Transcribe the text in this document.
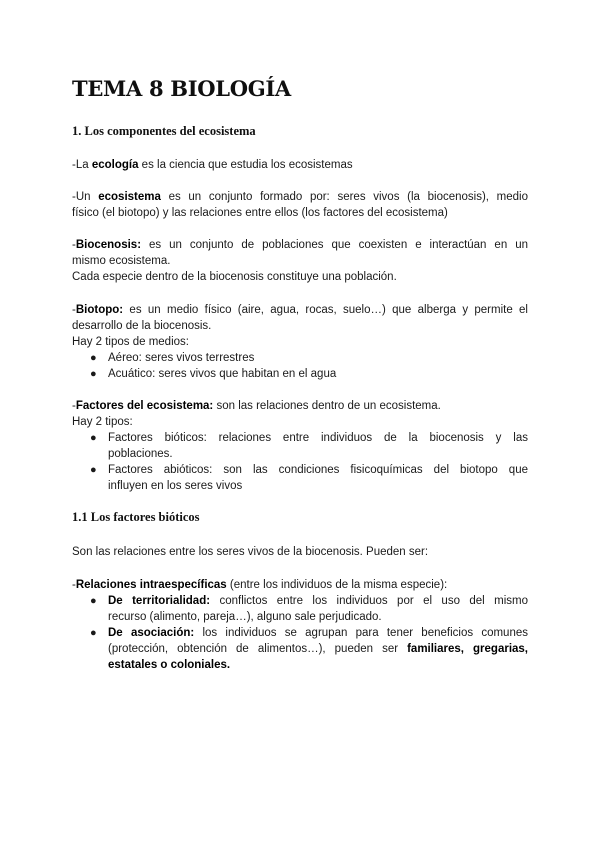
TEMA 8 BIOLOGÍA
1. Los componentes del ecosistema

-La ecología es la ciencia que estudia los ecosistemas

-Un ecosistema es un conjunto formado por: seres vivos (la biocenosis), medio
físico (el biotopo) y las relaciones entre ellos (los factores del ecosistema)

-Biocenosis: es un conjunto de poblaciones que coexisten e interactúan en un
mismo ecosistema.
Cada especie dentro de la biocenosis constituye una población.

-Biotopo: es un medio físico (aire, agua, rocas, suelo…) que alberga y permite el
desarrollo de la biocenosis.
Hay 2 tipos de medios:

● Aéreo: seres vivos terrestres
● Acuático: seres vivos que habitan en el agua

-Factores del ecosistema: son las relaciones dentro de un ecosistema.
Hay 2 tipos:

● Factores bióticos: relaciones entre individuos de la biocenosis y las
poblaciones.
● Factores abióticos: son las condiciones fisicoquímicas del biotopo que
influyen en los seres vivos
1.1 Los factores bióticos

Son las relaciones entre los seres vivos de la biocenosis. Pueden ser:

-Relaciones intraespecíficas (entre los individuos de la misma especie):

● De territorialidad: conflictos entre los individuos por el uso del mismo
recurso (alimento, pareja…), alguno sale perjudicado.
● De asociación: los individuos se agrupan para tener beneficios comunes
(protección, obtención de alimentos…), pueden ser familiares, gregarias,
estatales o coloniales.
